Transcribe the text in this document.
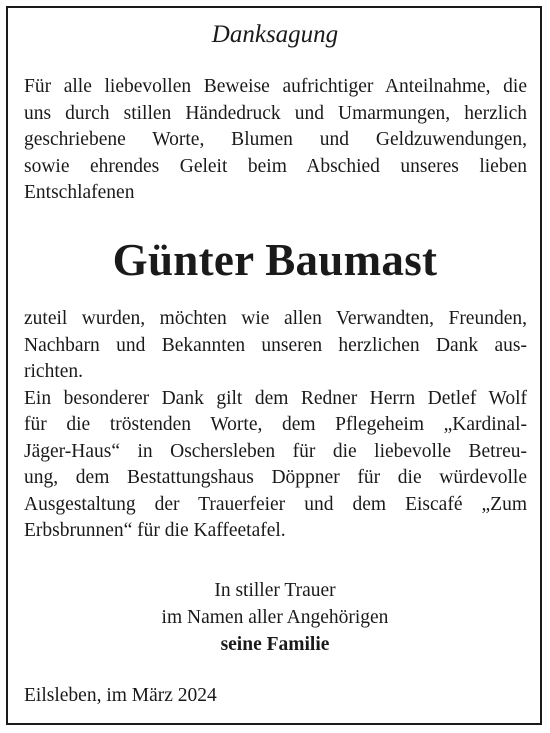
Danksagung
Für alle liebevollen Beweise aufrichtiger Anteilnahme, die
uns durch stillen Händedruck und Umarmungen, herzlich
geschriebene Worte, Blumen und Geldzuwendungen,
sowie ehrendes Geleit beim Abschied unseres lieben
Entschlafenen
Günter Baumast
zuteil wurden, möchten wie allen Verwandten, Freunden,
Nachbarn und Bekannten unseren herzlichen Dank aus-
richten.
Ein besonderer Dank gilt dem Redner Herrn Detlef Wolf
für die tröstenden Worte, dem Pflegeheim „Kardinal-
Jäger-Haus“ in Oschersleben für die liebevolle Betreu-
ung, dem Bestattungshaus Döppner für die würdevolle
Ausgestaltung der Trauerfeier und dem Eiscafé „Zum
Erbsbrunnen“ für die Kaffeetafel.
In stiller Trauer
im Namen aller Angehörigen
seine Familie
Eilsleben, im März 2024
